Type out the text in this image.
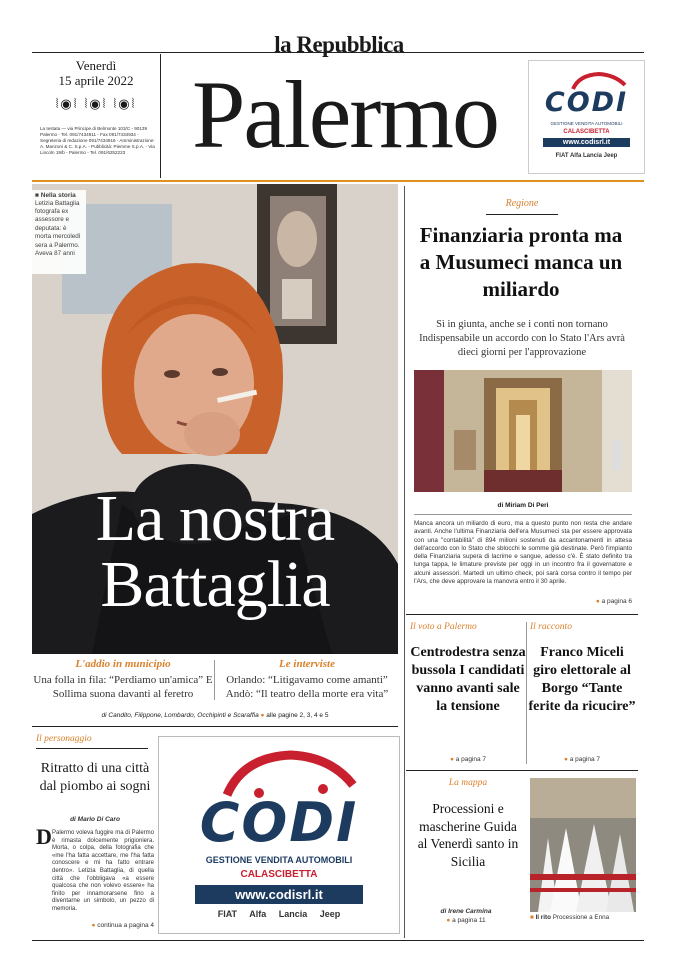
la Repubblica
Venerdì
15 aprile 2022
⦚◉⦚ ⦚◉⦚ ⦚◉⦚
La testata — via Principe di Belmonte 103/C - 90139 Palermo - Tel. 091/7434911 - Fax 091/7434934 - Segreteria di redazione 091/7434916 - Amministrazione: A. Manzoni & C. S.p.A. - Pubblicità: Piemme S.p.A. - Via Lincoln 19/b - Palermo - Tel. 091/6252223 Palermo	CODI
GESTIONE VENDITA AUTOMOBILI
CALASCIBETTA
www.codisrl.it
FIAT Alfa Lancia Jeep
■ Nella storia
Letizia Battaglia fotografa ex assessore e deputata: è morta mercoledì sera a Palermo. Aveva 87 anni
La nostra
Battaglia
L'addio in municipio
Una folla in fila: “Perdiamo un'amica” E Sollima suona davanti al feretro
Le interviste
Orlando: “Litigavamo come amanti” Andò: “Il teatro della morte era vita”
di Candito, Filippone, Lombardo, Occhipinti e Scaraffia ● alle pagine 2, 3, 4 e 5
Regione
Finanziaria pronta ma a Musumeci manca un miliardo
Sì in giunta, anche se i conti non tornano Indispensabile un accordo con lo Stato l'Ars avrà dieci giorni per l'approvazione
di Miriam Di Peri
Manca ancora un miliardo di euro, ma a questo punto non resta che andare avanti. Anche l'ultima Finanziaria dell'era Musumeci sta per essere approvata con una "contabilità" di 894 milioni sostenuti da accantonamenti in attesa dell'accordo con lo Stato che sblocchi le somme già destinate. Però l'impianto della Finanziaria supera di lacrime e sangue, adesso c'è. È stato definito tra lunga tappa, le limature previste per oggi in un incontro fra il governatore e alcuni assessori. Martedì un ultimo check, poi sarà corsa contro il tempo per l'Ars, che deve approvare la manovra entro il 30 aprile.
● a pagina 6
Il voto a Palermo
Centrodestra senza bussola I candidati vanno avanti sale la tensione
● a pagina 7
Il racconto
Franco Miceli giro elettorale al Borgo “Tante ferite da ricucire”
● a pagina 7
La mappa
Processioni e mascherine Guida al Venerdì santo in Sicilia
di Irene Carmina
● a pagina 11	■ Il rito Processione a Enna
Il personaggio
Ritratto di una città dal piombo ai sogni
di Mario Di Caro
D Palermo voleva fuggire ma di Palermo è rimasta dolcemente prigioniera. Morta, o colpa, della fotografia che «me l'ha fatta accettare, me l'ha fatta conoscere e mi ha fatto entrare dentro». Letizia Battaglia, di quella città che l'obbligava «a essere qualcosa che non volevo essere» ha finito per innamorarsene fino a diventarne un simbolo, un pezzo di memoria.
● continua a pagina 4
CODI
GESTIONE VENDITA AUTOMOBILI
CALASCIBETTA
www.codisrl.it
FIAT Alfa Lancia Jeep
